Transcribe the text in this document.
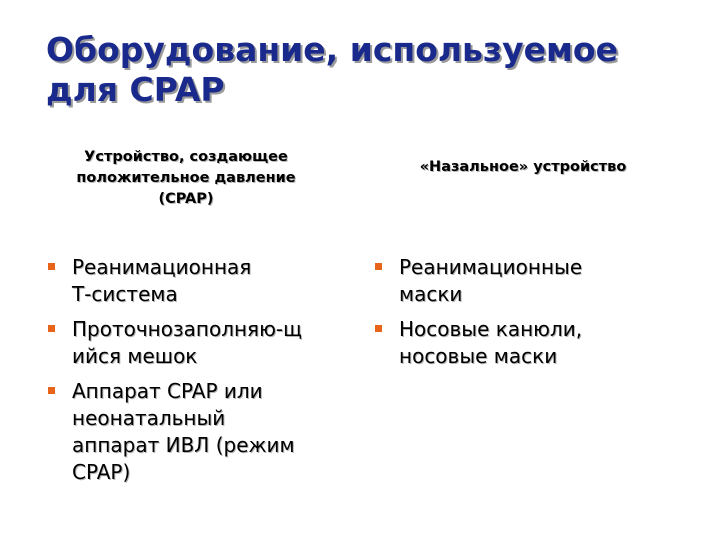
Оборудование, используемое
для CPAP
Устройство, создающее
положительное давление
(CPAP)
«Назальное» устройство
Реанимационная
Т-система
Проточнозаполняю-щ
ийся мешок
Аппарат CPAP или
неонатальный
аппарат ИВЛ (режим
CPAP)
Реанимационные
маски
Носовые канюли,
носовые маски
